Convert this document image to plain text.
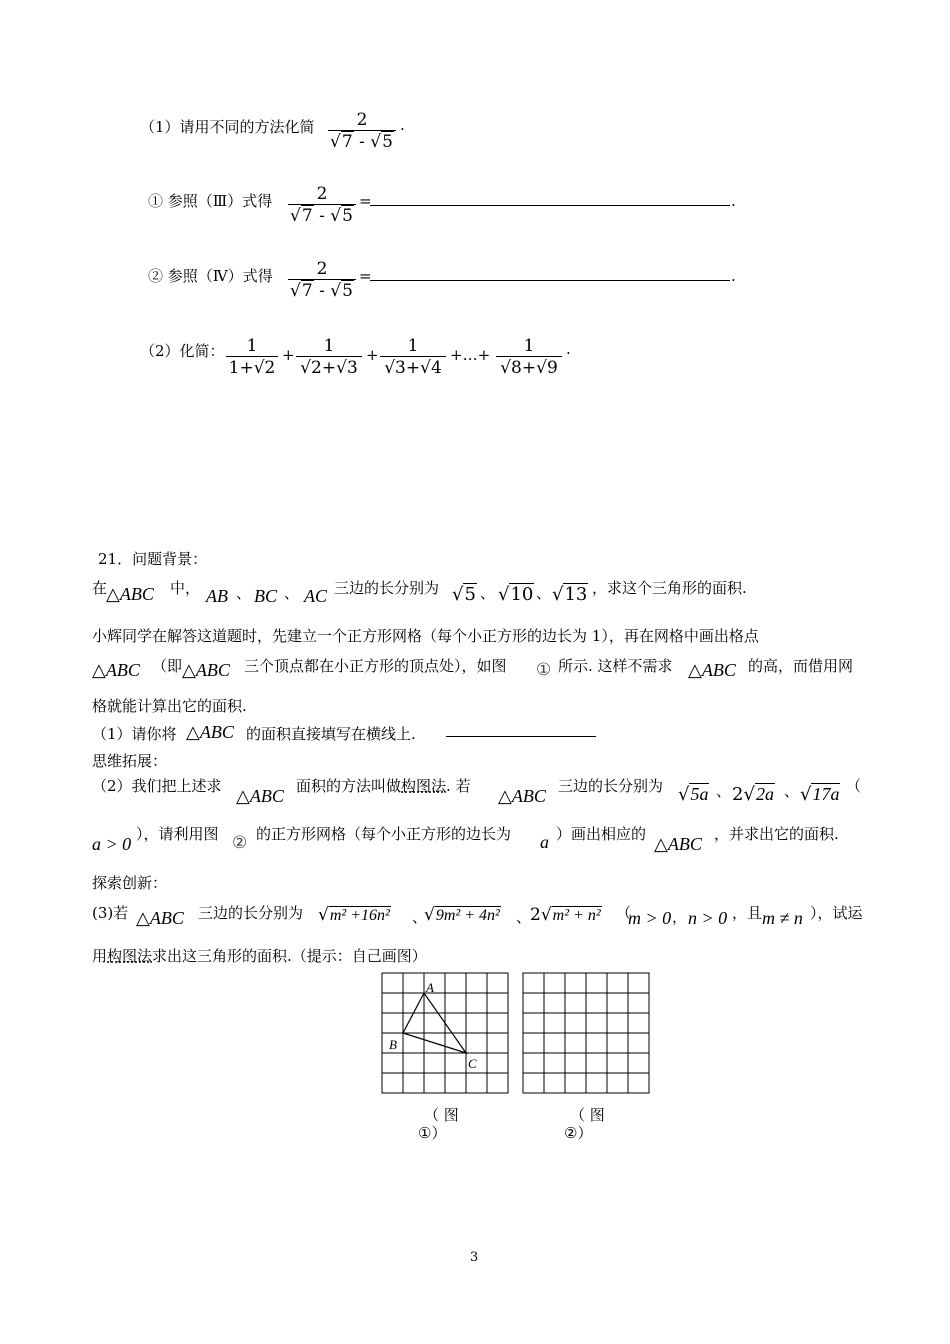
（1）请用不同的方法化简	2
√7 - √5
.
① 参照（Ⅲ）式得	2
√7 - √5
=	.
② 参照（Ⅳ）式得	2
√7 - √5
=	.
（2）化简：	1
1+√2
+	1
√2+√3
+	1
√3+√4
+…+	1
√8+√9
.
21．问题背景：
在
△ABC 中， AB 、 BC 、 AC 三边的长分别为 √5 、 √10 、 √13 ，求这个三角形的面积.
小辉同学在解答这道题时，先建立一个正方形网格（每个小正方形的边长为 1），再在网格中画出格点
△ABC （即 △ABC 三个顶点都在小正方形的顶点处），如图 ① 所示. 这样不需求 △ABC 的高，而借用网
格就能计算出它的面积.
（1）请你将 △ABC 的面积直接填写在横线上.
思维拓展：
（2）我们把上述求 △ABC 面积的方法叫做构图法. 若 △ABC 三边的长分别为 √5a 、 2√2a 、 √17a （
a > 0 ），请利用图 ② 的正方形网格（每个小正方形的边长为 a ）画出相应的 △ABC ，并求出它的面积.
探索创新：
(3)若 △ABC 三边的长分别为 √m² +16n² 、
√9m² + 4n² 、
2√m² + n² （
m > 0 ， n > 0 ，且 m ≠ n ），试运
用构图法求出这三角形的面积.（提示：自己画图）
A
B
C
（ 图
①）
（ 图
②）
3
